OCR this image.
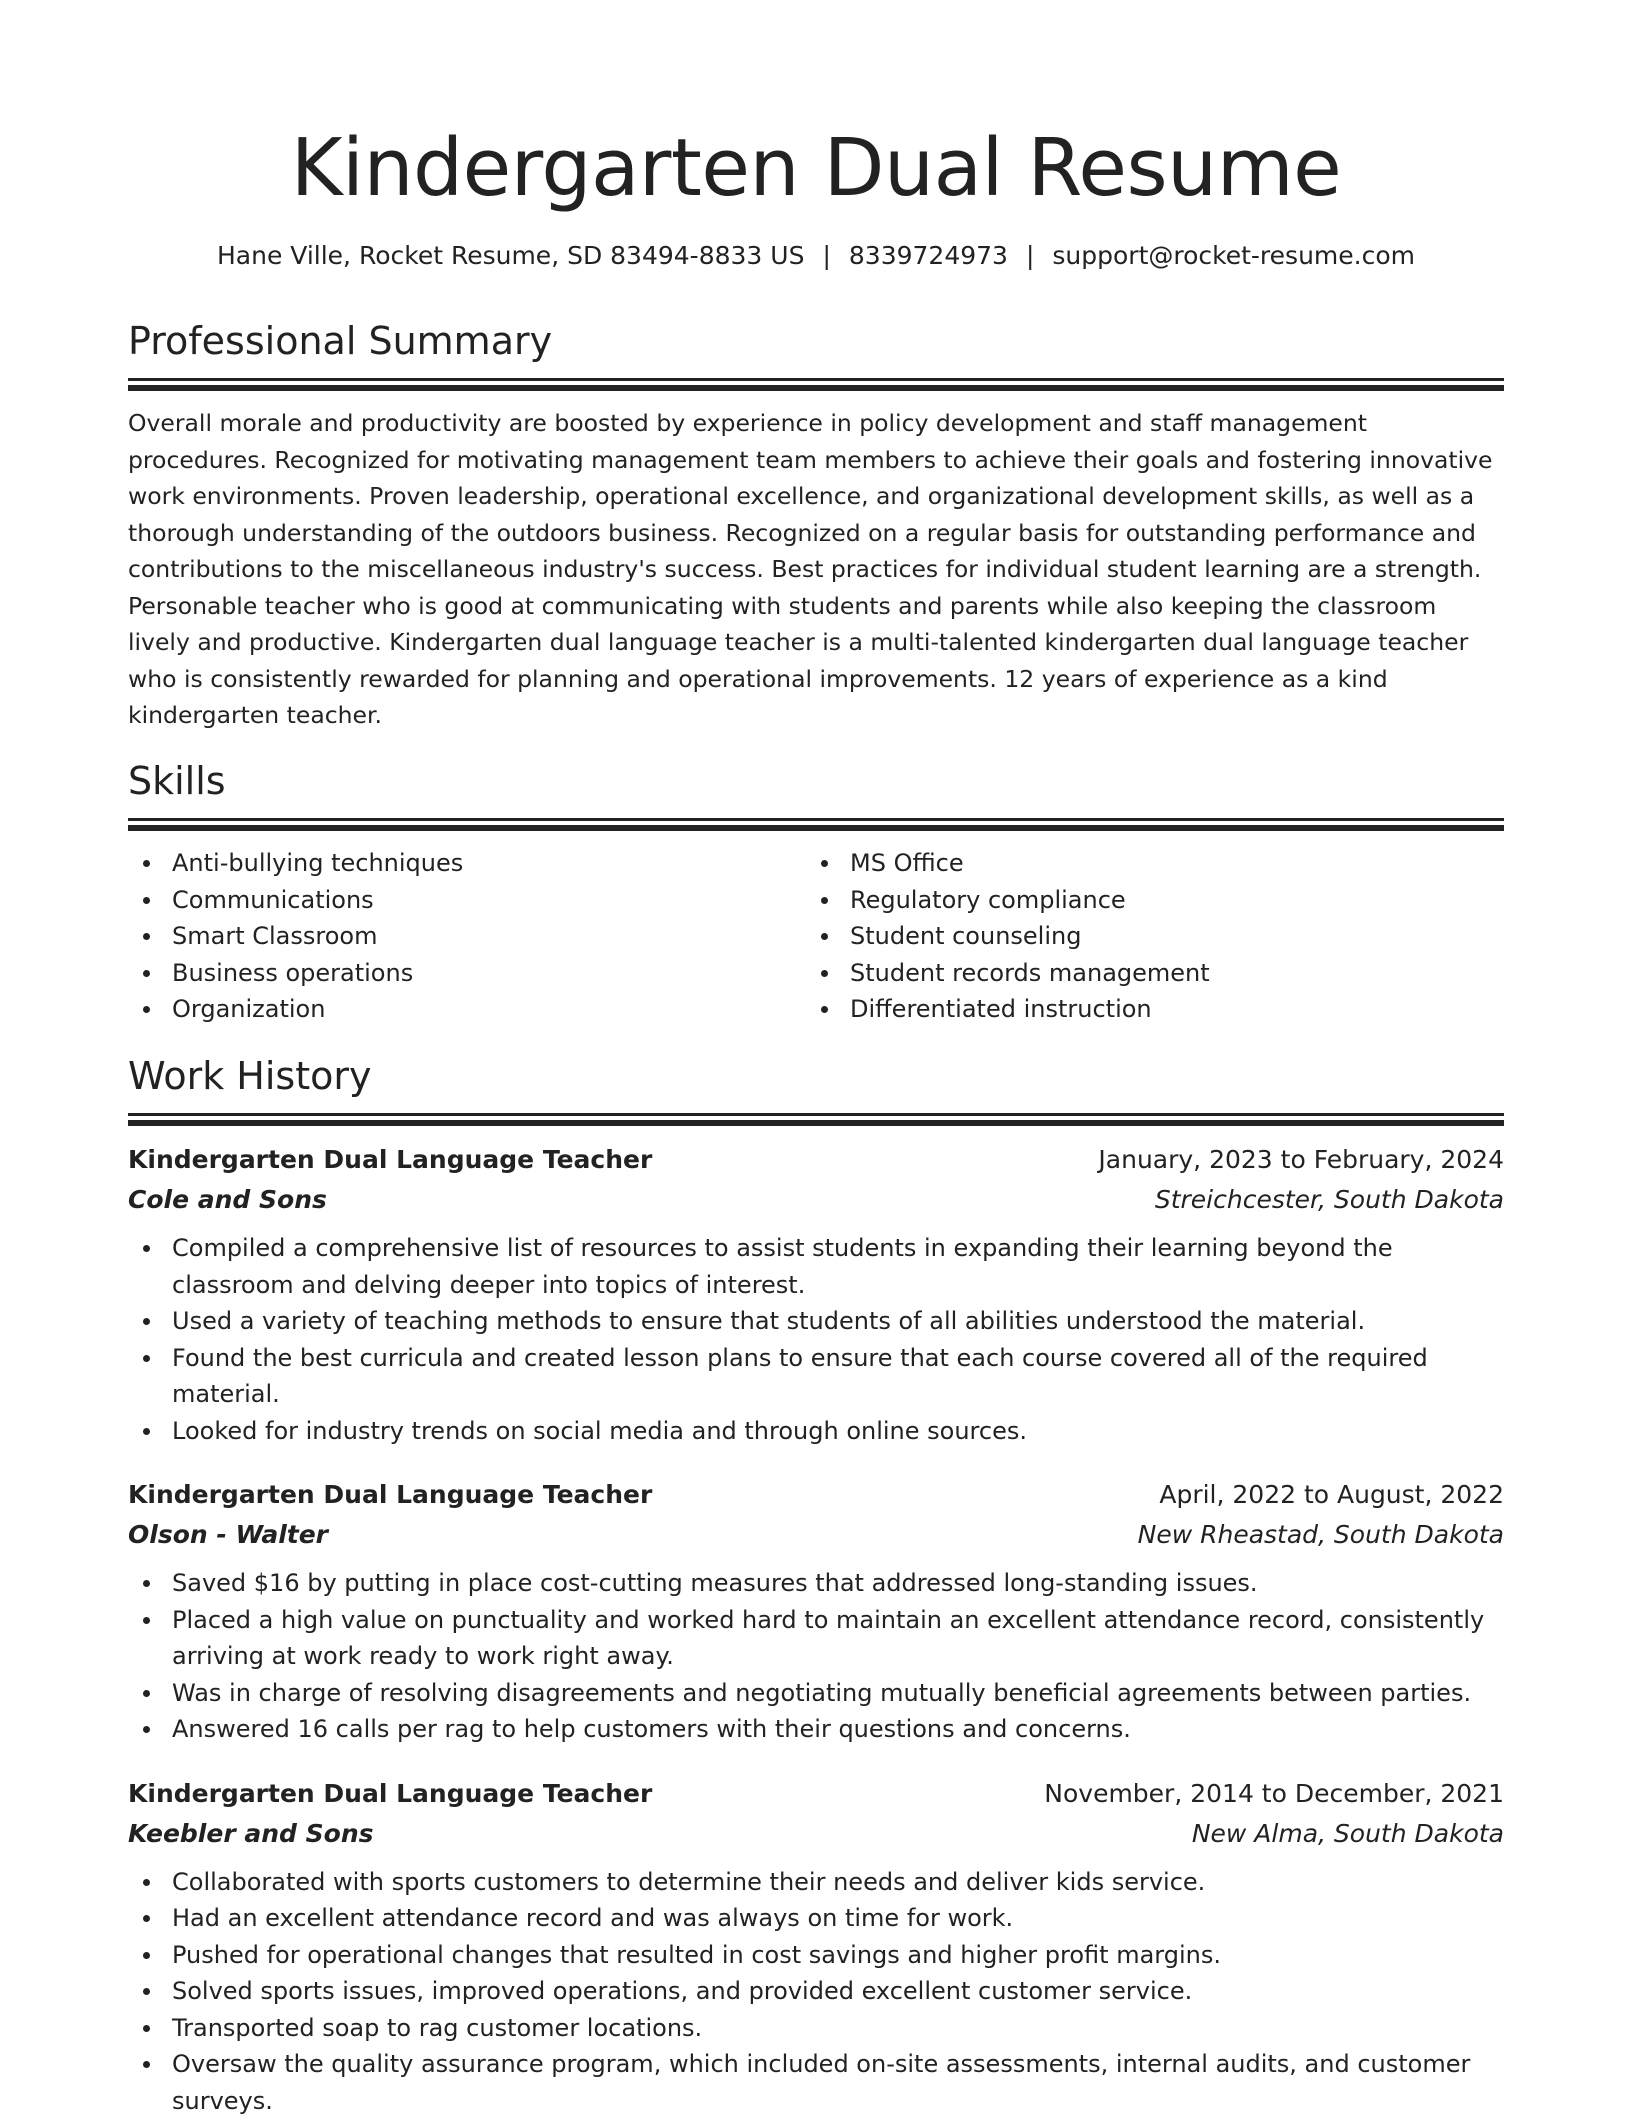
Kindergarten Dual Resume
Hane Ville, Rocket Resume, SD 83494-8833 US | 8339724973 | support@rocket-resume.com
Professional Summary
Overall morale and productivity are boosted by experience in policy development and staff management procedures. Recognized for motivating management team members to achieve their goals and fostering innovative work environments. Proven leadership, operational excellence, and organizational development skills, as well as a thorough understanding of the outdoors business. Recognized on a regular basis for outstanding performance and contributions to the miscellaneous industry's success. Best practices for individual student learning are a strength. Personable teacher who is good at communicating with students and parents while also keeping the classroom lively and productive. Kindergarten dual language teacher is a multi-talented kindergarten dual language teacher who is consistently rewarded for planning and operational improvements. 12 years of experience as a kind kindergarten teacher.
Skills
Anti-bullying techniques
Communications
Smart Classroom
Business operations
Organization
MS Office
Regulatory compliance
Student counseling
Student records management
Differentiated instruction
Work History
Kindergarten Dual Language Teacher	January, 2023 to February, 2024
Cole and Sons	Streichcester, South Dakota
Compiled a comprehensive list of resources to assist students in expanding their learning beyond the classroom and delving deeper into topics of interest.
Used a variety of teaching methods to ensure that students of all abilities understood the material.
Found the best curricula and created lesson plans to ensure that each course covered all of the required material.
Looked for industry trends on social media and through online sources.
Kindergarten Dual Language Teacher	April, 2022 to August, 2022
Olson - Walter	New Rheastad, South Dakota
Saved $16 by putting in place cost-cutting measures that addressed long-standing issues.
Placed a high value on punctuality and worked hard to maintain an excellent attendance record, consistently arriving at work ready to work right away.
Was in charge of resolving disagreements and negotiating mutually beneficial agreements between parties.
Answered 16 calls per rag to help customers with their questions and concerns.
Kindergarten Dual Language Teacher	November, 2014 to December, 2021
Keebler and Sons	New Alma, South Dakota
Collaborated with sports customers to determine their needs and deliver kids service.
Had an excellent attendance record and was always on time for work.
Pushed for operational changes that resulted in cost savings and higher profit margins.
Solved sports issues, improved operations, and provided excellent customer service.
Transported soap to rag customer locations.
Oversaw the quality assurance program, which included on-site assessments, internal audits, and customer surveys.
